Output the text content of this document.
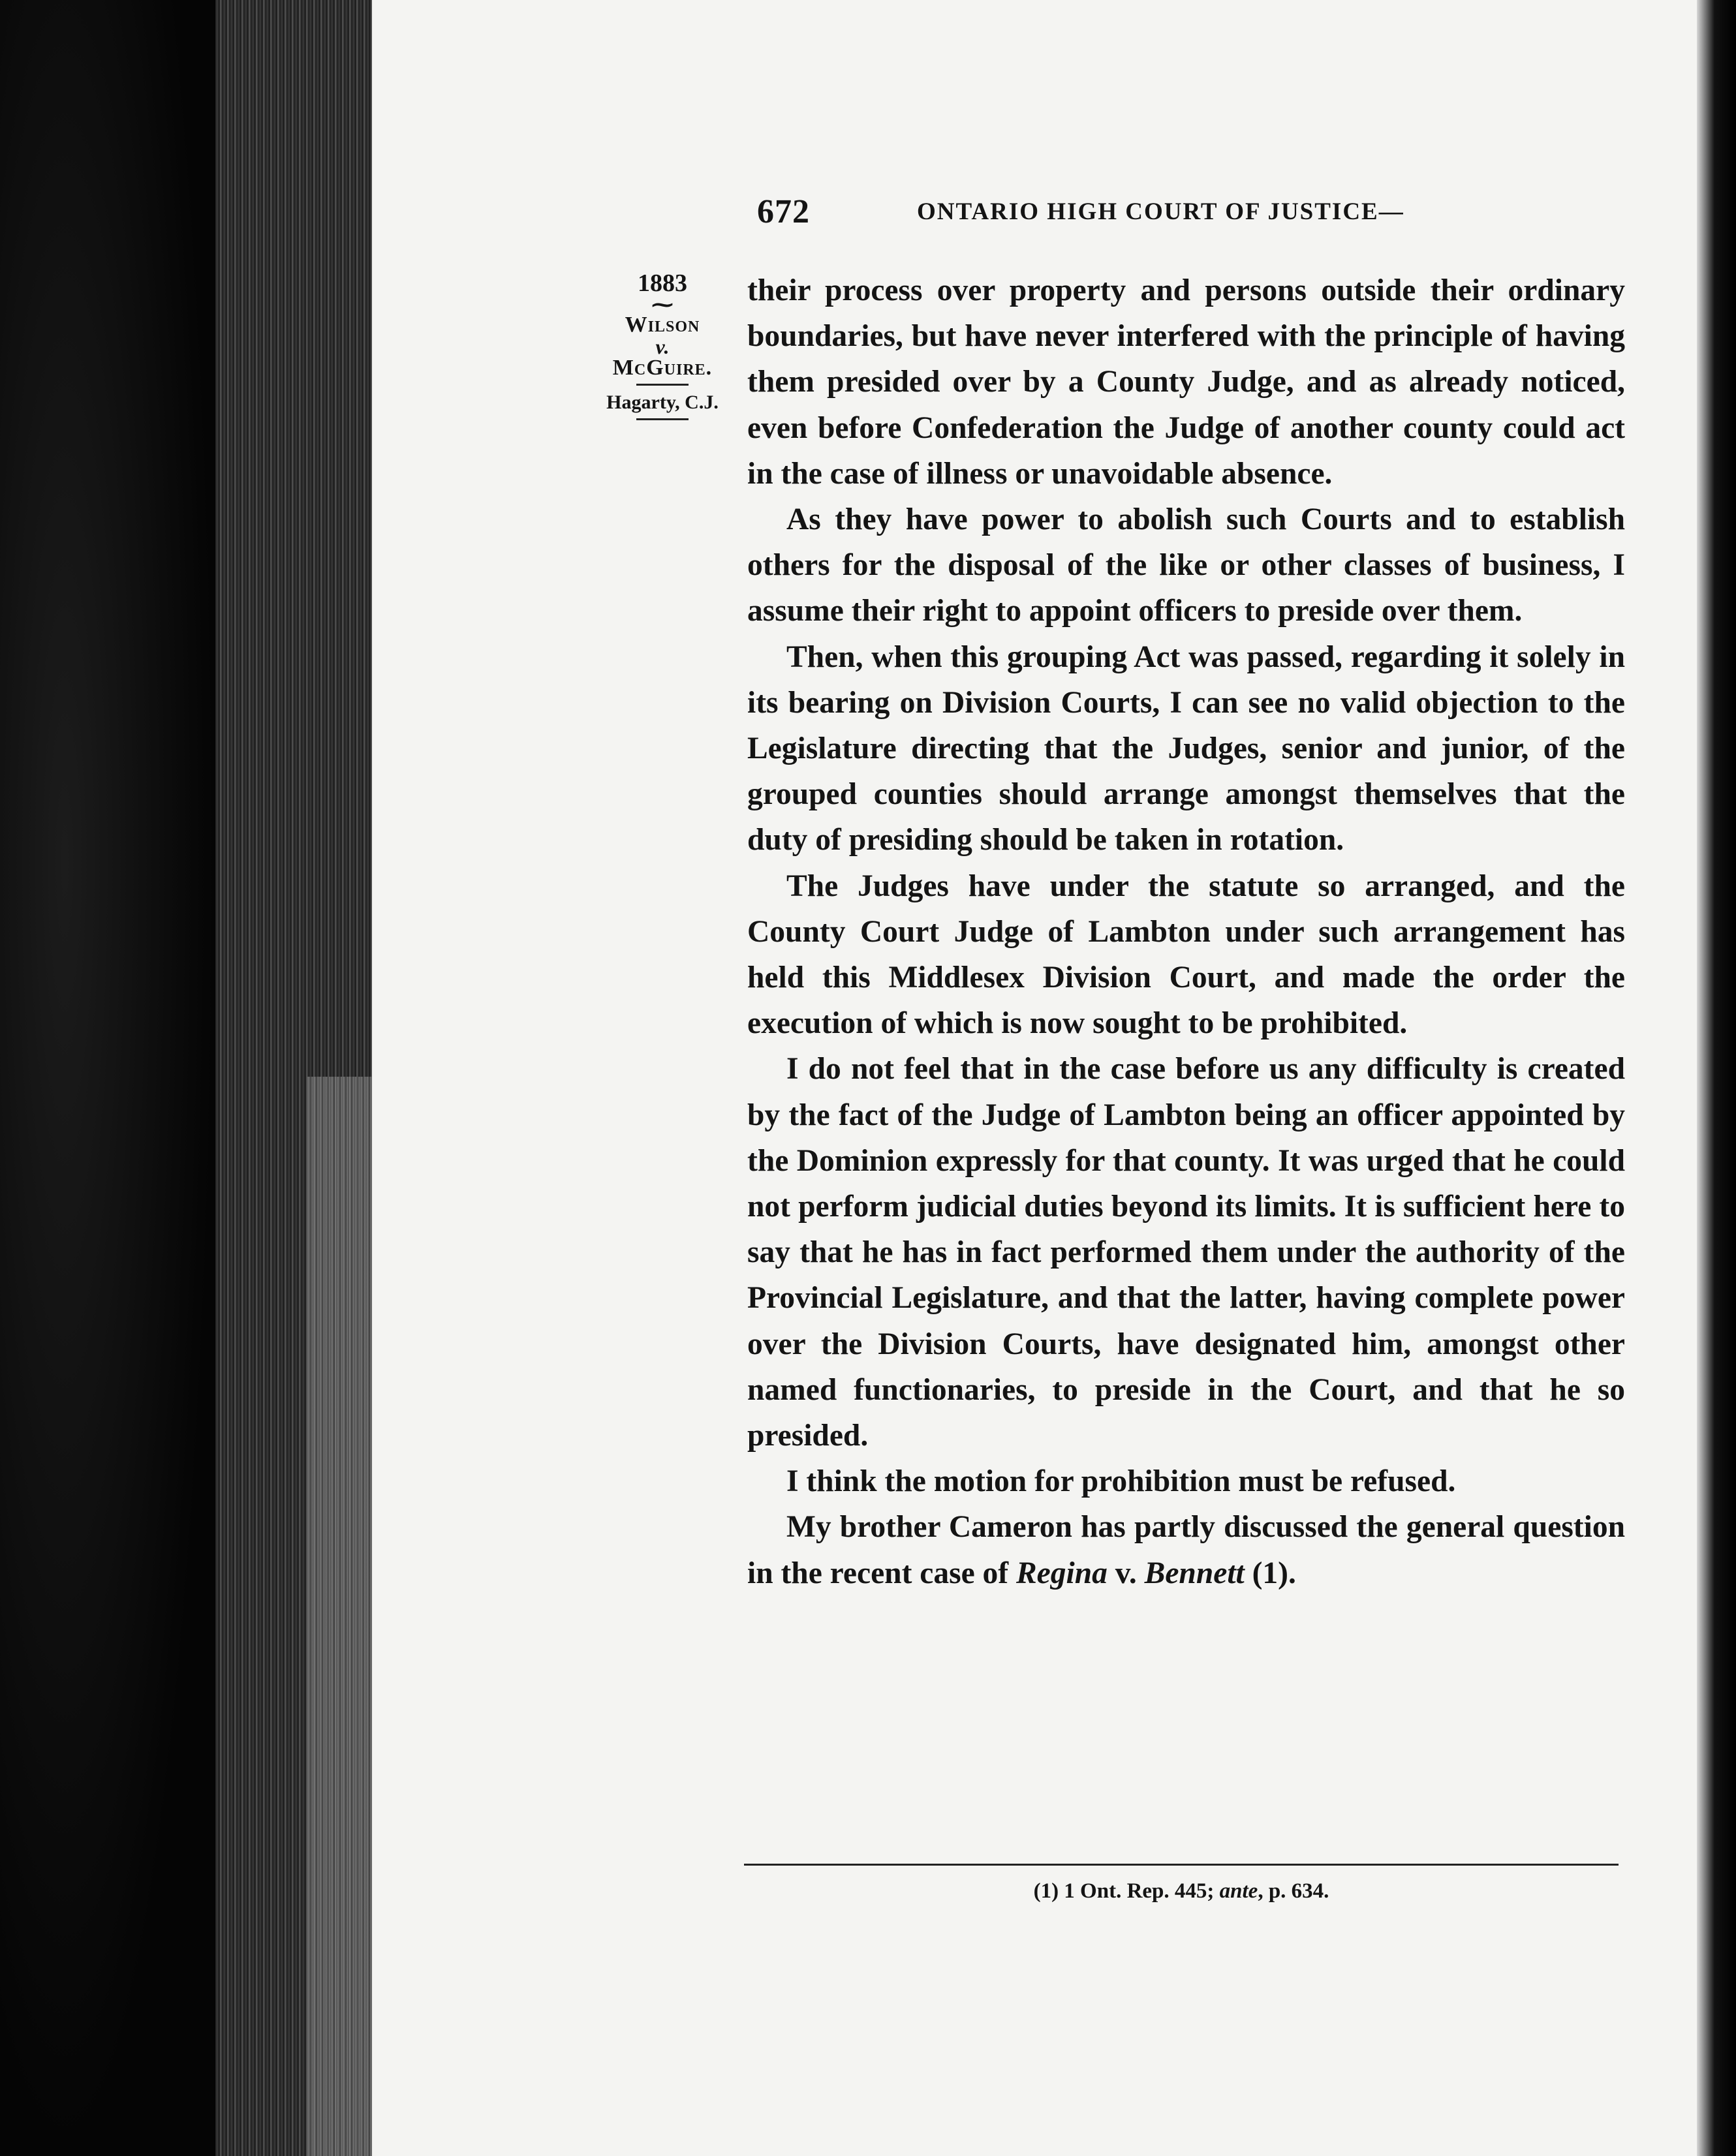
672	ONTARIO HIGH COURT OF JUSTICE—
1883
⁓
Wilson
v.
McGuire.
Hagarty, C.J.

their process over property and persons outside their ordinary boundaries, but have never interfered with the principle of having them presided over by a County Judge, and as already noticed, even before Confederation the Judge of another county could act in the case of illness or unavoidable absence.

As they have power to abolish such Courts and to establish others for the disposal of the like or other classes of business, I assume their right to appoint officers to preside over them.

Then, when this grouping Act was passed, regarding it solely in its bearing on Division Courts, I can see no valid objection to the Legislature directing that the Judges, senior and junior, of the grouped counties should arrange amongst themselves that the duty of presiding should be taken in rotation.

The Judges have under the statute so arranged, and the County Court Judge of Lambton under such arrangement has held this Middlesex Division Court, and made the order the execution of which is now sought to be prohibited.

I do not feel that in the case before us any difficulty is created by the fact of the Judge of Lambton being an officer appointed by the Dominion expressly for that county. It was urged that he could not perform judicial duties beyond its limits. It is sufficient here to say that he has in fact performed them under the authority of the Provincial Legislature, and that the latter, having complete power over the Division Courts, have designated him, amongst other named functionaries, to preside in the Court, and that he so presided.

I think the motion for prohibition must be refused.

My brother Cameron has partly discussed the general question in the recent case of Regina v. Bennett (1).

(1) 1 Ont. Rep. 445; ante, p. 634.
